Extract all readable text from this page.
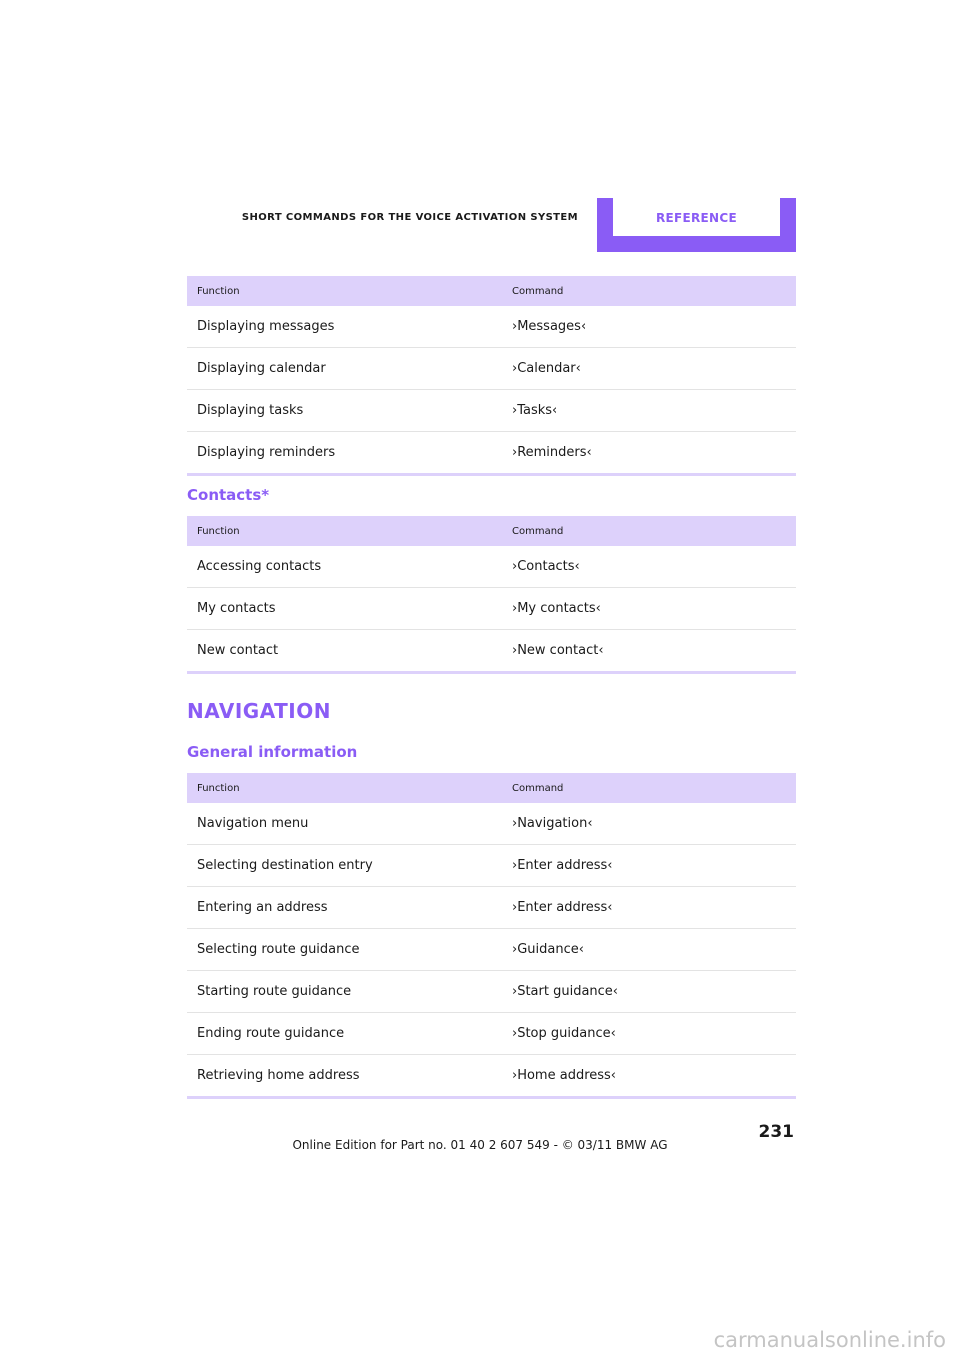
SHORT COMMANDS FOR THE VOICE ACTIVATION SYSTEM	REFERENCE
Function	Command
Displaying messages	›Messages‹
Displaying calendar	›Calendar‹
Displaying tasks	›Tasks‹
Displaying reminders	›Reminders‹
Contacts*
Function	Command
Accessing contacts	›Contacts‹
My contacts	›My contacts‹
New contact	›New contact‹
NAVIGATION
General information
Function	Command
Navigation menu	›Navigation‹
Selecting destination entry	›Enter address‹
Entering an address	›Enter address‹
Selecting route guidance	›Guidance‹
Starting route guidance	›Start guidance‹
Ending route guidance	›Stop guidance‹
Retrieving home address	›Home address‹
231
Online Edition for Part no. 01 40 2 607 549 - © 03/11 BMW AG
carmanualsonline.info
